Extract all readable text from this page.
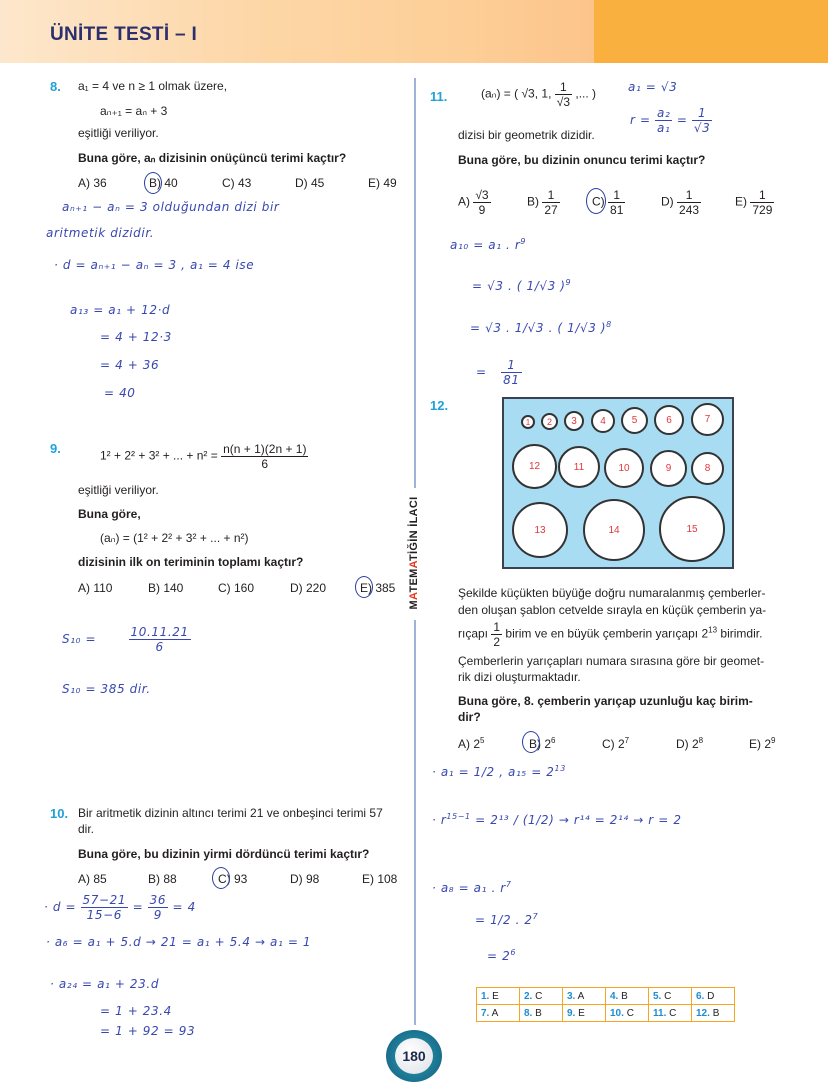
ÜNİTE TESTİ – I
MATEMATİĞİN İLACI
8. a₁ = 4 ve n ≥ 1 olmak üzere,
aₙ₊₁ = aₙ + 3
eşitliği veriliyor.
Buna göre, aₙ dizisinin onüçüncü terimi kaçtır?
A) 36	B) 40	C) 43	D) 45	E) 49
aₙ₊₁ − aₙ = 3 olduğundan dizi bir
aritmetik dizidir.
· d = aₙ₊₁ − aₙ = 3 , a₁ = 4 ise
a₁₃ = a₁ + 12·d
= 4 + 12·3
= 4 + 36
= 40
9.	1² + 2² + 3² + ... + $n^2 = \frac{n(n + 1)(2n + 1)}{6}$
eşitliği veriliyor.
Buna göre,
(aₙ) = (1² + 2² + 3² + ... + n²)
dizisinin ilk on teriminin toplamı kaçtır?
A) 110	B) 140	C) 160	D) 220	E) 385
S₁₀ =	$\frac{10.11.21}{6}$
S₁₀ = 385 dir.
10. Bir aritmetik dizinin altıncı terimi 21 ve onbeşinci terimi 57
dir.
Buna göre, bu dizinin yirmi dördüncü terimi kaçtır?
A) 85	B) 88	C) 93	D) 98	E) 108
· $d = \frac{57-21}{15-6} = \frac{36}{9} = 4$
· a₆ = a₁ + 5.d → 21 = a₁ + 5.4 → a₁ = 1
· a₂₄ = a₁ + 23.d
= 1 + 23.4
= 1 + 92 = 93
11.	(aₙ) = ( √3, 1, $\frac{1}{√3}$ ,... )
dizisi bir geometrik dizidir.
Buna göre, bu dizinin onuncu terimi kaçtır?
$A) \frac{√3}{9}$	$B) \frac{1}{27}$	$C) \frac{1}{81}$	$D) \frac{1}{243}$	$E) \frac{1}{729}$
a₁ = √3
$r = \frac{\text{a₂}}{\text{a₁}} = \frac{1}{√3}$
a₁₀ = a₁ . $r^9$
= √3 . ( 1/√3 )$^9$
= √3 . 1/√3 . ( 1/√3 )$^8$
= $\frac{1}{81}$
12.
1	2	3	4	5	6	7
8
9
10
11
12
13	14	15
Şekilde küçükten büyüğe doğru numaralanmış çemberler-
den oluşan şablon cetvelde sırayla en küçük çemberin ya-
rıçapı $\frac{1}{2}$ birim ve en büyük çemberin yarıçapı $2^{13}$ birimdir.
Çemberlerin yarıçapları numara sırasına göre bir geomet-
rik dizi oluşturmaktadır.
Buna göre, 8. çemberin yarıçap uzunluğu kaç birim-
dir?
A) $2^5$	B) $2^6$	C) $2^7$	D) $2^8$	E) $2^9$
· a₁ = 1/2 , $a_{15} = 2^{13}$
· $r^{15-1} = 2^{13} / (1/2) \to r^{14} = 2^{14} \to r = 2$
· a₈ = a₁ . $r^7$
= 1/2 . $2^7$
= $2^6$
1. E	2. C	3. A	4. B	5. C	6. D
7. A	8. B	9. E	10. C	11. C	12. B
180
